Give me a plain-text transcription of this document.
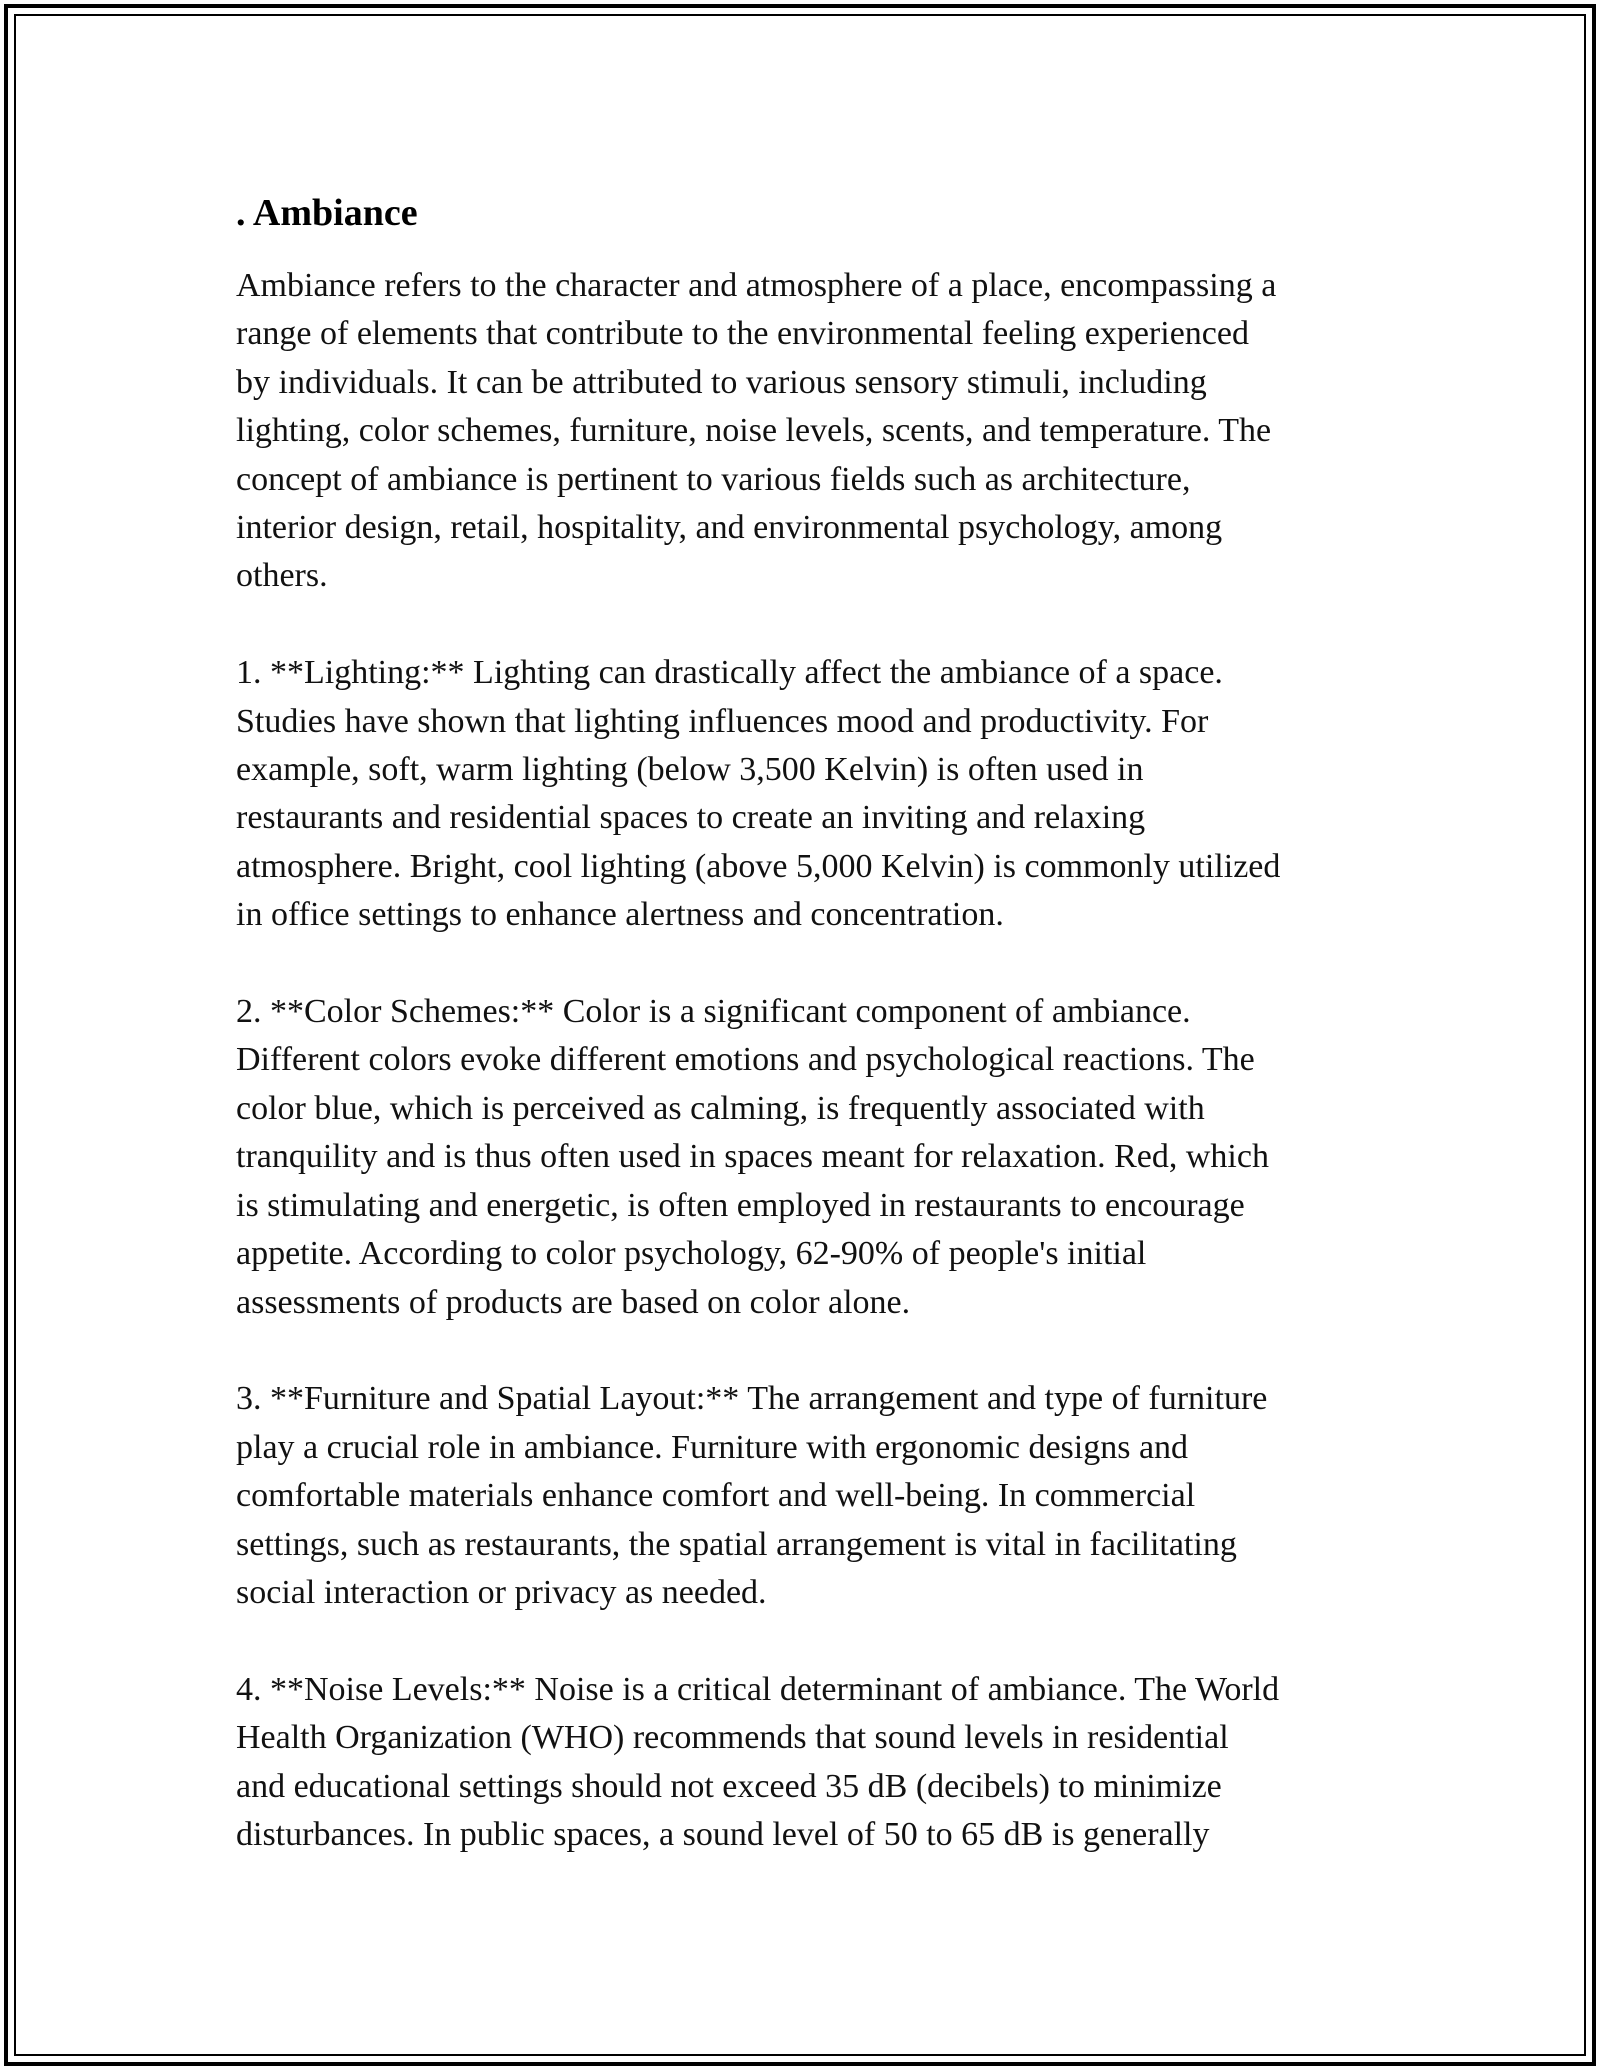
. Ambiance

Ambiance refers to the character and atmosphere of a place, encompassing a
range of elements that contribute to the environmental feeling experienced
by individuals. It can be attributed to various sensory stimuli, including
lighting, color schemes, furniture, noise levels, scents, and temperature. The
concept of ambiance is pertinent to various fields such as architecture,
interior design, retail, hospitality, and environmental psychology, among
others.

1. **Lighting:** Lighting can drastically affect the ambiance of a space.
Studies have shown that lighting influences mood and productivity. For
example, soft, warm lighting (below 3,500 Kelvin) is often used in
restaurants and residential spaces to create an inviting and relaxing
atmosphere. Bright, cool lighting (above 5,000 Kelvin) is commonly utilized
in office settings to enhance alertness and concentration.

2. **Color Schemes:** Color is a significant component of ambiance.
Different colors evoke different emotions and psychological reactions. The
color blue, which is perceived as calming, is frequently associated with
tranquility and is thus often used in spaces meant for relaxation. Red, which
is stimulating and energetic, is often employed in restaurants to encourage
appetite. According to color psychology, 62-90% of people's initial
assessments of products are based on color alone.

3. **Furniture and Spatial Layout:** The arrangement and type of furniture
play a crucial role in ambiance. Furniture with ergonomic designs and
comfortable materials enhance comfort and well-being. In commercial
settings, such as restaurants, the spatial arrangement is vital in facilitating
social interaction or privacy as needed.

4. **Noise Levels:** Noise is a critical determinant of ambiance. The World
Health Organization (WHO) recommends that sound levels in residential
and educational settings should not exceed 35 dB (decibels) to minimize
disturbances. In public spaces, a sound level of 50 to 65 dB is generally
